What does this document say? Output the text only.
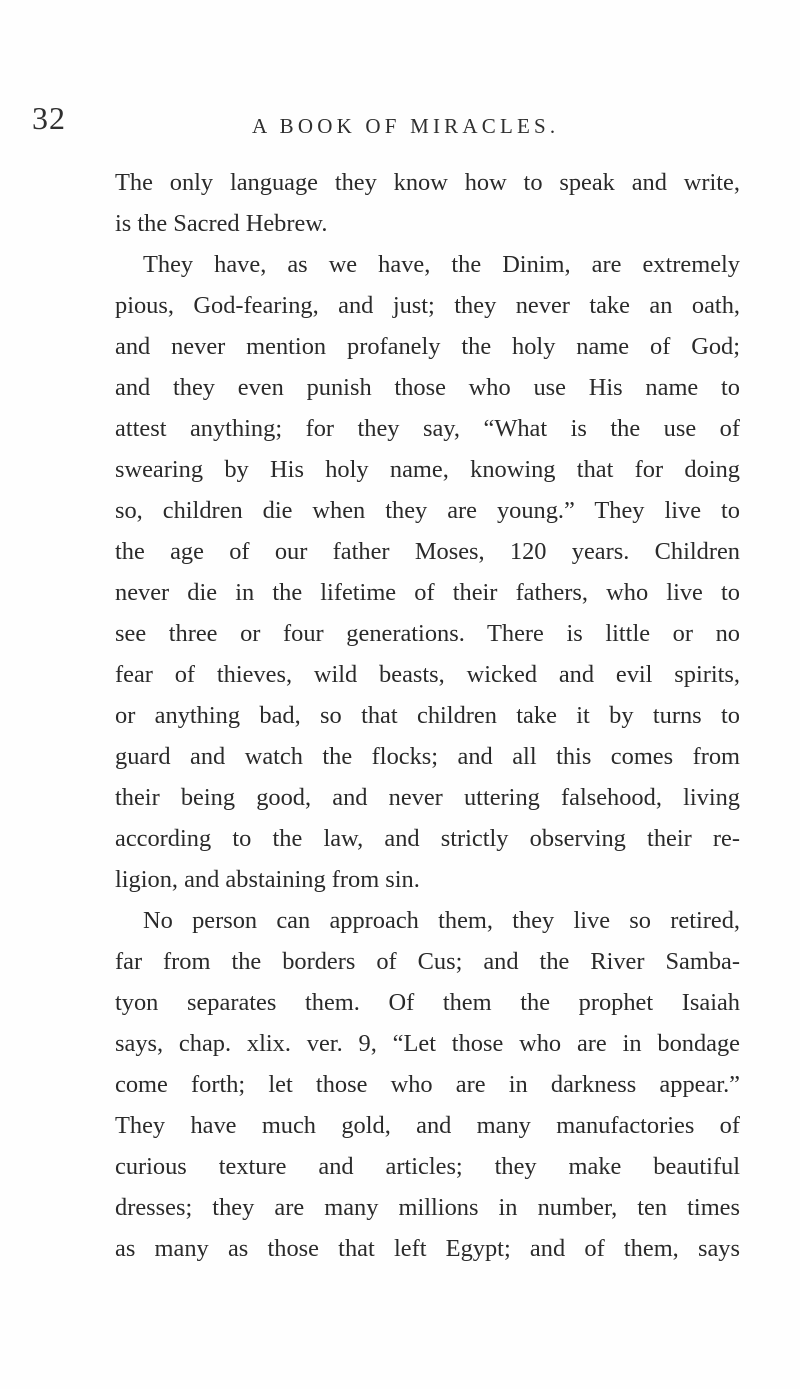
32	A BOOK OF MIRACLES.
The only language they know how to speak and write,
is the Sacred Hebrew.
They have, as we have, the Dinim, are extremely
pious, God-fearing, and just; they never take an oath,
and never mention profanely the holy name of God;
and they even punish those who use His name to
attest anything; for they say, “What is the use of
swearing by His holy name, knowing that for doing
so, children die when they are young.” They live to
the age of our father Moses, 120 years. Children
never die in the lifetime of their fathers, who live to
see three or four generations. There is little or no
fear of thieves, wild beasts, wicked and evil spirits,
or anything bad, so that children take it by turns to
guard and watch the flocks; and all this comes from
their being good, and never uttering falsehood, living
according to the law, and strictly observing their re-
ligion, and abstaining from sin.
No person can approach them, they live so retired,
far from the borders of Cus; and the River Samba-
tyon separates them. Of them the prophet Isaiah
says, chap. xlix. ver. 9, “Let those who are in bondage
come forth; let those who are in darkness appear.”
They have much gold, and many manufactories of
curious texture and articles; they make beautiful
dresses; they are many millions in number, ten times
as many as those that left Egypt; and of them, says
